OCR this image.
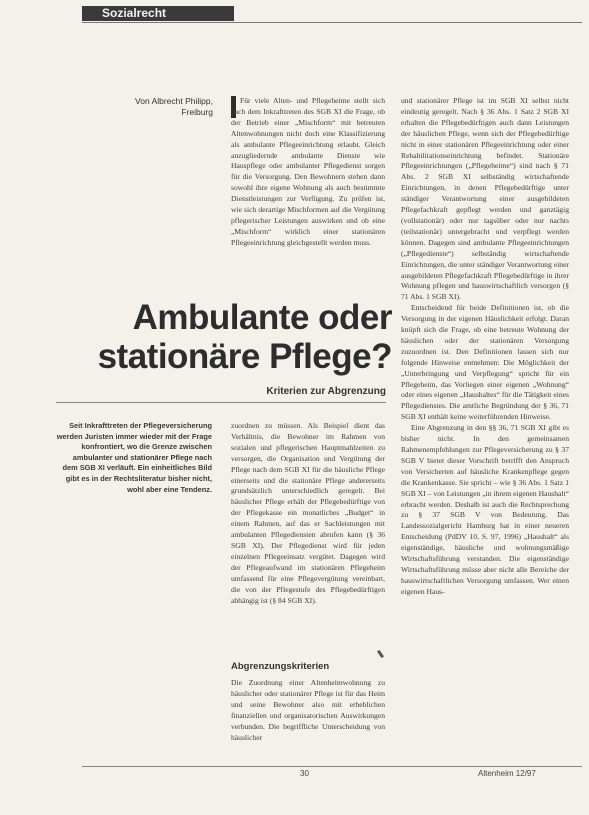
Sozialrecht
Von Albrecht Philipp,
Freiburg

Für viele Alten- und Pflegeheime stellt sich nach dem Inkrafttreten des SGB XI die Frage, ob der Betrieb einer „Mischform“ mit betreuten Altenwohnungen nicht doch eine Klassifizierung als ambulante Pflegeeinrichtung erlaubt. Gleich anzugliedernde ambulante Dienste wie Hauspflege oder ambulanter Pflegedienst sorgen für die Versorgung. Den Bewohnern stehen dann sowohl ihre eigene Wohnung als auch bestimmte Dienstleistungen zur Verfügung. Zu prüfen ist, wie sich derartige Mischformen auf die Vergütung pflegerischer Leistungen auswirken und ob eine „Mischform“ wirklich einer stationären Pflegeeinrichtung gleichgestellt werden muss.

und stationärer Pflege ist im SGB XI selbst nicht eindeutig geregelt. Nach § 36 Abs. 1 Satz 2 SGB XI erhalten die Pflegebedürftigen auch dann Leistungen der häuslichen Pflege, wenn sich der Pflegebedürftige nicht in einer stationären Pflegeeinrichtung oder einer Rehabilitationseinrichtung befindet. Stationäre Pflegeeinrichtungen („Pflegeheime“) sind nach § 71 Abs. 2 SGB XI selbständig wirtschaftende Einrichtungen, in denen Pflegebedürftige unter ständiger Verantwortung einer ausgebildeten Pflegefachkraft gepflegt werden und ganztägig (vollstationär) oder nur tagsüber oder nur nachts (teilstationär) untergebracht und verpflegt werden können. Dagegen sind ambulante Pflegeeinrichtungen („Pflegedienste“) selbständig wirtschaftende Einrichtungen, die unter ständiger Verantwortung einer ausgebildeten Pflegefachkraft Pflegebedürftige in ihrer Wohnung pflegen und hauswirtschaftlich versorgen (§ 71 Abs. 1 SGB XI).

Entscheidend für beide Definitionen ist, ob die Versorgung in der eigenen Häuslichkeit erfolgt. Daran knüpft sich die Frage, ob eine betreute Wohnung der häuslichen oder der stationären Versorgung zuzuordnen ist. Den Definitionen lassen sich nur folgende Hinweise entnehmen: Die Möglichkeit der „Unterbringung und Verpflegung“ spricht für ein Pflegeheim, das Vorliegen einer eigenen „Wohnung“ oder eines eigenen „Haushaltes“ für die Tätigkeit eines Pflegedienstes. Die amtliche Begründung der § 36, 71 SGB XI enthält keine weiterführenden Hinweise.

Eine Abgrenzung in den §§ 36, 71 SGB XI gibt es bisher nicht. In den gemeinsamen Rahmenempfehlungen zur Pflegeversicherung zu § 37 SGB V bietet dieser Vorschrift betrifft den Anspruch von Versicherten auf häusliche Krankenpflege gegen die Krankenkasse. Sie spricht – wie § 36 Abs. 1 Satz 1 SGB XI – von Leistungen „in ihrem eigenen Haushalt“ erbracht werden. Deshalb ist auch die Rechtsprechung zu § 37 SGB V von Bedeutung. Das Landessozialgericht Hamburg hat in einer neueren Entscheidung (PdDV 10, S. 97, 1996) „Haushalt“ als eigenständige, häusliche und wohnungsmäßige Wirtschaftsführung verstanden. Die eigenständige Wirtschaftsführung müsse aber nicht alle Bereiche der hauswirtschaftlichen Versorgung umfassen. Wer einen eigenen Haus-

Ambulante oder
stationäre Pflege?
Kriterien zur Abgrenzung
Seit Inkrafttreten der Pflegeversicherung werden Juristen immer wieder mit der Frage konfrontiert, wo die Grenze zwischen ambulanter und stationärer Pflege nach dem SGB XI verläuft. Ein einheitliches Bild gibt es in der Rechtsliteratur bisher nicht, wohl aber eine Tendenz.

zuordnen zu müssen. Als Beispiel dient das Verhältnis, die Bewohner im Rahmen von sozialen und pflegerischen Hauptmahlzeiten zu versorgen, die Organisation und Vergütung der Pflege nach dem SGB XI für die häusliche Pflege einerseits und die stationäre Pflege andererseits grundsätzlich unterschiedlich geregelt. Bei häuslicher Pflege erhält der Pflegebedürftige von der Pflegekasse ein monatliches „Budget“ in einem Rahmen, auf das er Sachleistungen mit ambulanten Pflegediensten abrufen kann (§ 36 SGB XI). Der Pflegedienst wird für jeden einzelnen Pflegeeinsatz vergütet. Dagegen wird der Pflegeaufwand im stationären Pflegeheim umfassend für eine Pflegevergütung vereinbart, die von der Pflegestufe des Pflegebedürftigen abhängig ist (§ 84 SGB XI).

Abgrenzungskriterien

Die Zuordnung einer Altenheimwohnung zu häuslicher oder stationärer Pflege ist für das Heim und seine Bewohner also mit erheblichen finanziellen und organisatorischen Auswirkungen verbunden. Die begriffliche Unterscheidung von häuslicher

30	Altenheim 12/97
